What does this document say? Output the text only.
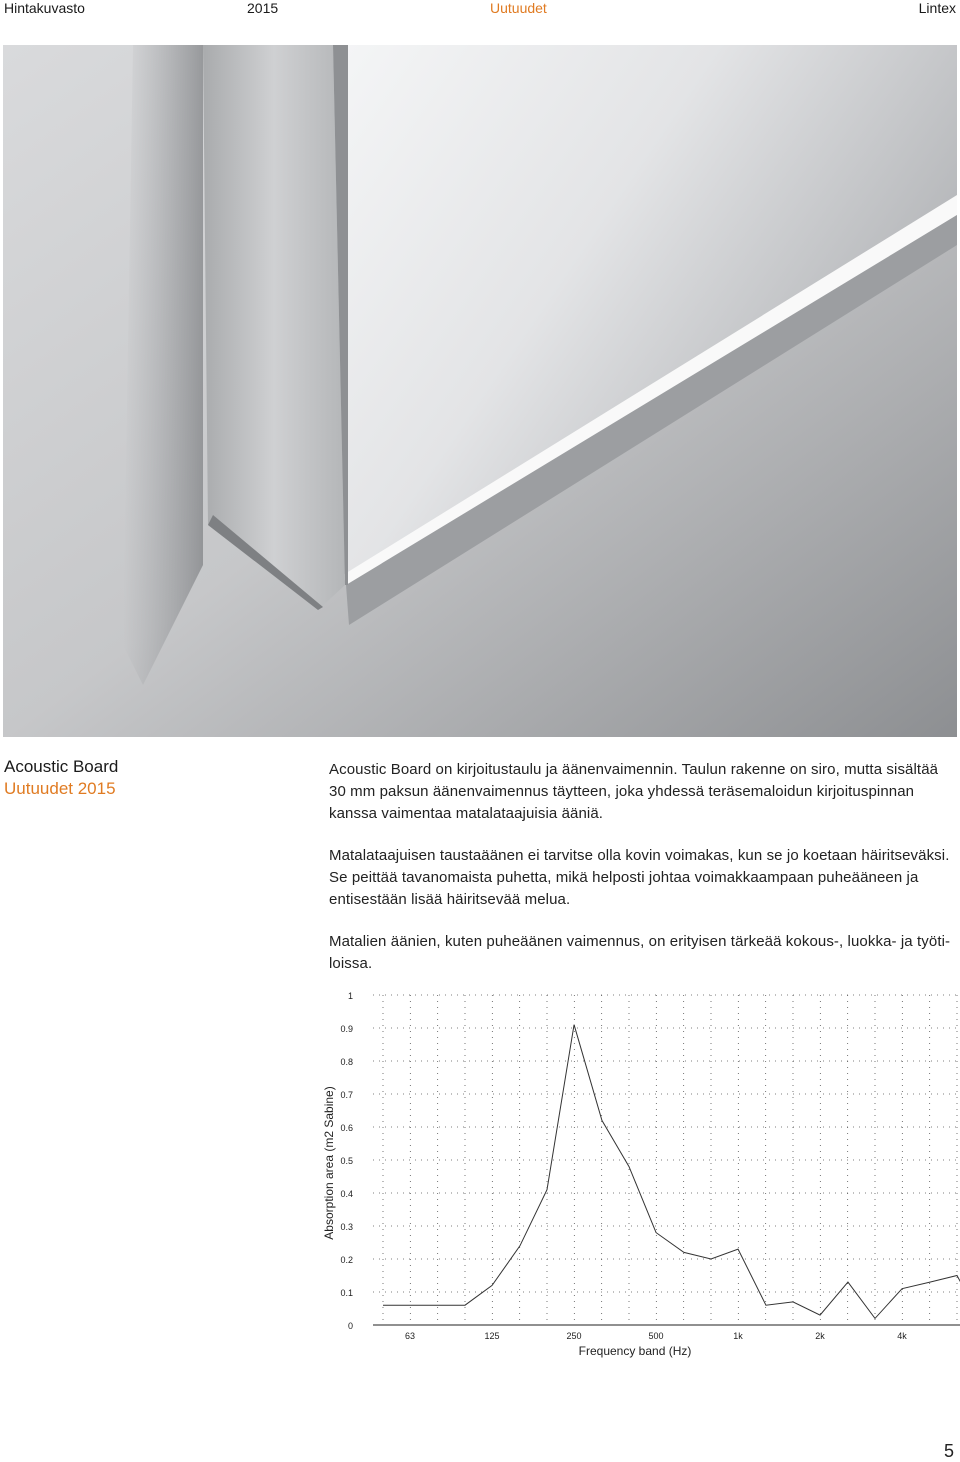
Hintakuvasto	2015	Uutuudet	Lintex
Acoustic Board
Uutuudet 2015
Acoustic Board on kirjoitustaulu ja äänenvaimennin. Taulun rakenne on siro, mutta sisältää 30 mm paksun äänenvaimennus täytteen, joka yhdessä teräsemaloidun kirjoituspinnan kanssa vaimentaa matalataajuisia ääniä.
Matalataajuisen taustaäänen ei tarvitse olla kovin voimakas, kun se jo koetaan häiritseväksi. Se peittää tavanomaista puhetta, mikä helposti johtaa voimakkaampaan puheääneen ja entisestään lisää häiritsevää melua.
Matalien äänien, kuten puheäänen vaimennus, on erityisen tärkeää kokous-, luokka- ja työti-loissa.
1
0.9
0.8
0.7
0.6
0.5
0.4
0.3
0.2
0.1
0
63	125	250	500	1k	2k	4k
Frequency band (Hz)
Absorption area (m2 Sabine)
5
